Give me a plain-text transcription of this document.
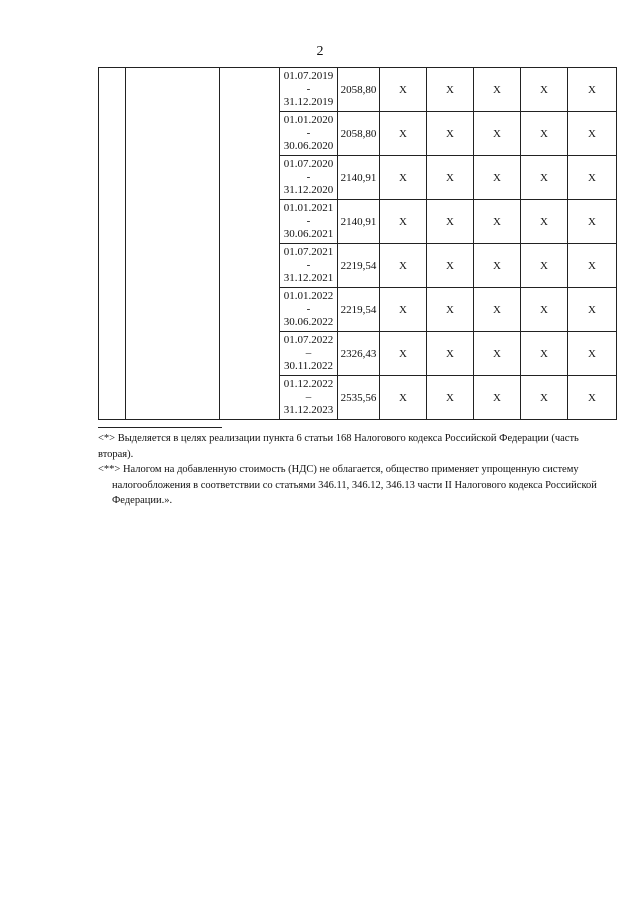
2

			01.07.2019
-
31.12.2019	2058,80	X	X	X	X	X

			01.01.2020
-
30.06.2020	2058,80	X	X	X	X	X

			01.07.2020
-
31.12.2020	2140,91	X	X	X	X	X

			01.01.2021
-
30.06.2021	2140,91	X	X	X	X	X

			01.07.2021
-
31.12.2021	2219,54	X	X	X	X	X

			01.01.2022
-
30.06.2022	2219,54	X	X	X	X	X

			01.07.2022
–
30.11.2022	2326,43	X	X	X	X	X

			01.12.2022
–
31.12.2023	2535,56	X	X	X	X	X

<*> Выделяется в целях реализации пункта 6 статьи 168 Налогового кодекса Российской Федерации (часть

вторая).

<**> Налогом на добавленную стоимость (НДС) не облагается, общество применяет упрощенную систему

налогообложения в соответствии со статьями 346.11, 346.12, 346.13 части II Налогового кодекса Российской

Федерации.».
